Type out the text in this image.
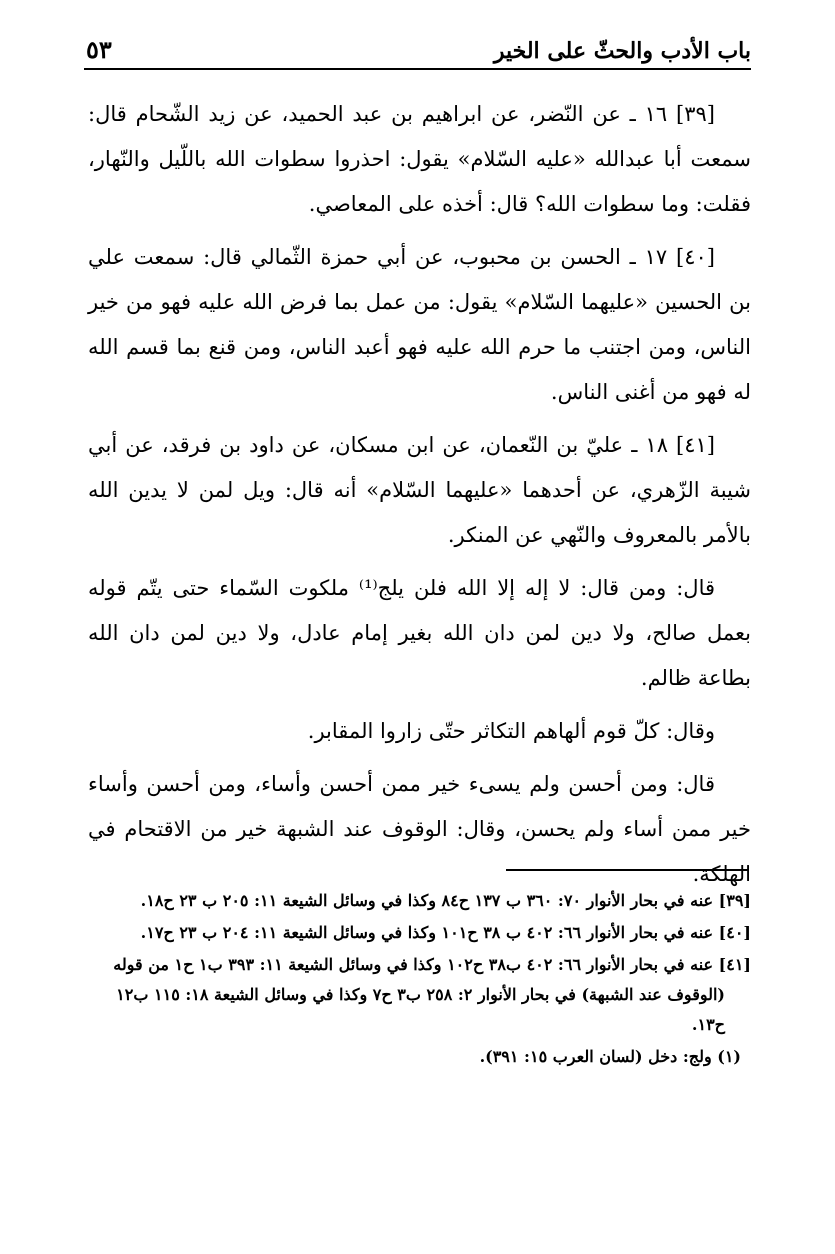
باب الأدب والحثّ على الخير
٥٣

[٣٩] ١٦ ـ عن النّضر، عن ابراهيم بن عبد الحميد، عن زيد الشّحام قال: سمعت أبا عبدالله «عليه السّلام» يقول: احذروا سطوات الله باللّيل والنّهار، فقلت: وما سطوات الله؟ قال: أخذه على المعاصي.

[٤٠] ١٧ ـ الحسن بن محبوب، عن أبي حمزة الثّمالي قال: سمعت علي بن الحسين «عليهما السّلام» يقول: من عمل بما فرض الله عليه فهو من خير الناس، ومن اجتنب ما حرم الله عليه فهو أعبد الناس، ومن قنع بما قسم الله له فهو من أغنى الناس.

[٤١] ١٨ ـ عليّ بن النّعمان، عن ابن مسكان، عن داود بن فرقد، عن أبي شيبة الزّهري، عن أحدهما «عليهما السّلام» أنه قال: ويل لمن لا يدين الله بالأمر بالمعروف والنّهي عن المنكر.

قال: ومن قال: لا إله إلا الله فلن يلج⁽¹⁾ ملكوت السّماء حتى يتّم قوله بعمل صالح، ولا دين لمن دان الله بغير إمام عادل، ولا دين لمن دان الله بطاعة ظالم.

وقال: كلّ قوم ألهاهم التكاثر حتّى زاروا المقابر.

قال: ومن أحسن ولم يسىء خير ممن أحسن وأساء، ومن أحسن وأساء خير ممن أساء ولم يحسن، وقال: الوقوف عند الشبهة خير من الاقتحام في الهلكة.

[٣٩] عنه في بحار الأنوار ٧٠: ٣٦٠ ب ١٣٧ ح٨٤ وكذا في وسائل الشيعة ١١: ٢٠٥ ب ٢٣ ح١٨.

[٤٠] عنه في بحار الأنوار ٦٦: ٤٠٢ ب ٣٨ ح١٠١ وكذا في وسائل الشيعة ١١: ٢٠٤ ب ٢٣ ح١٧.

[٤١] عنه في بحار الأنوار ٦٦: ٤٠٢ ب٣٨ ح١٠٢ وكذا في وسائل الشيعة ١١: ٣٩٣ ب١ ح١ من قوله (الوقوف عند الشبهة) في بحار الأنوار ٢: ٢٥٨ ب٣ ح٧ وكذا في وسائل الشيعة ١٨: ١١٥ ب١٢ ح١٣.

(١) ولج: دخل (لسان العرب ١٥: ٣٩١).
